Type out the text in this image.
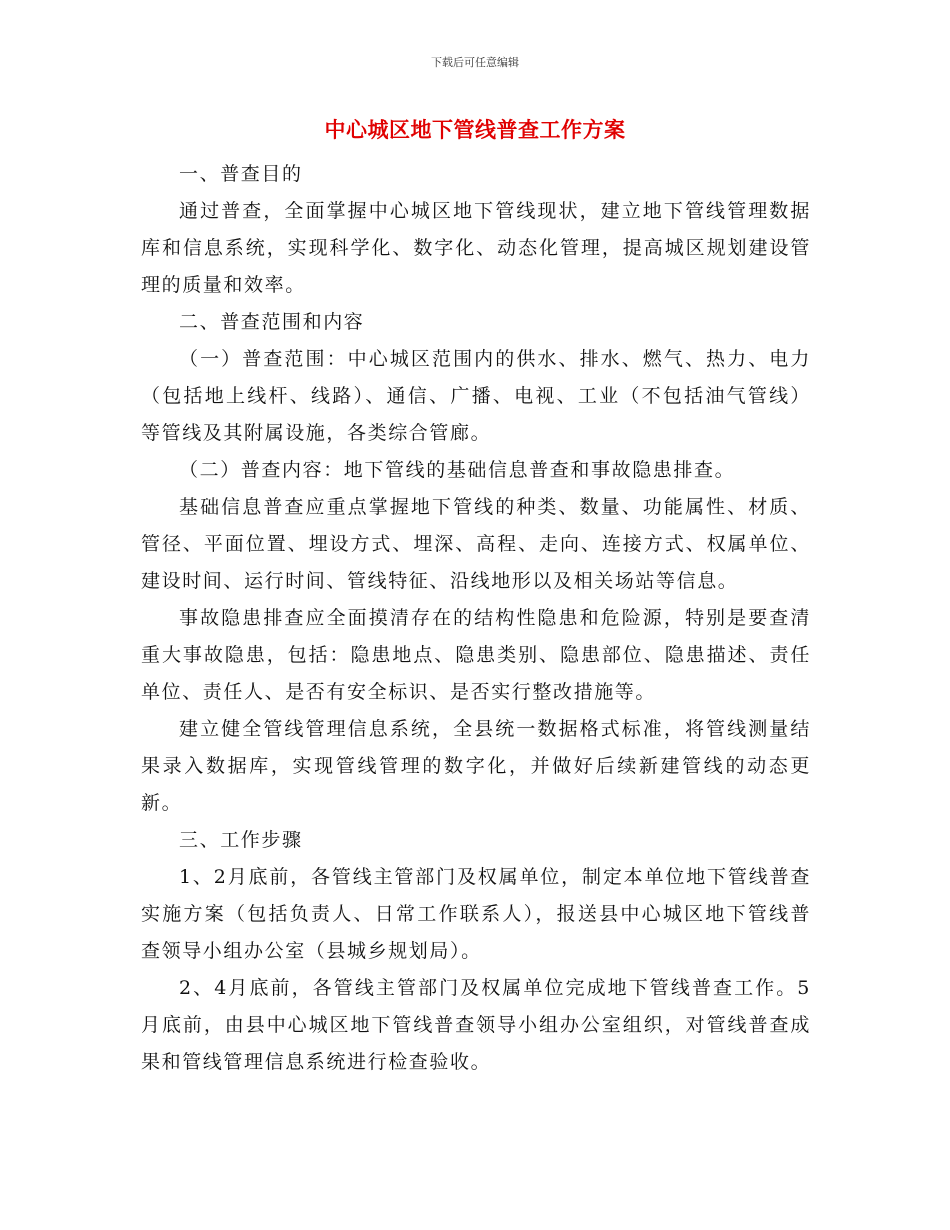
下载后可任意编辑
中心城区地下管线普查工作方案

一、普查目的

通过普查，全面掌握中心城区地下管线现状，建立地下管线管理数据库和信息系统，实现科学化、数字化、动态化管理，提高城区规划建设管理的质量和效率。

二、普查范围和内容

（一）普查范围：中心城区范围内的供水、排水、燃气、热力、电力（包括地上线杆、线路）、通信、广播、电视、工业（不包括油气管线）等管线及其附属设施，各类综合管廊。

（二）普查内容：地下管线的基础信息普查和事故隐患排查。

基础信息普查应重点掌握地下管线的种类、数量、功能属性、材质、管径、平面位置、埋设方式、埋深、高程、走向、连接方式、权属单位、建设时间、运行时间、管线特征、沿线地形以及相关场站等信息。

事故隐患排查应全面摸清存在的结构性隐患和危险源，特别是要查清重大事故隐患，包括：隐患地点、隐患类别、隐患部位、隐患描述、责任单位、责任人、是否有安全标识、是否实行整改措施等。

建立健全管线管理信息系统，全县统一数据格式标准，将管线测量结果录入数据库，实现管线管理的数字化，并做好后续新建管线的动态更新。

三、工作步骤

1、2月底前，各管线主管部门及权属单位，制定本单位地下管线普查实施方案（包括负责人、日常工作联系人），报送县中心城区地下管线普查领导小组办公室（县城乡规划局）。

2、4月底前，各管线主管部门及权属单位完成地下管线普查工作。5月底前，由县中心城区地下管线普查领导小组办公室组织，对管线普查成果和管线管理信息系统进行检查验收。
